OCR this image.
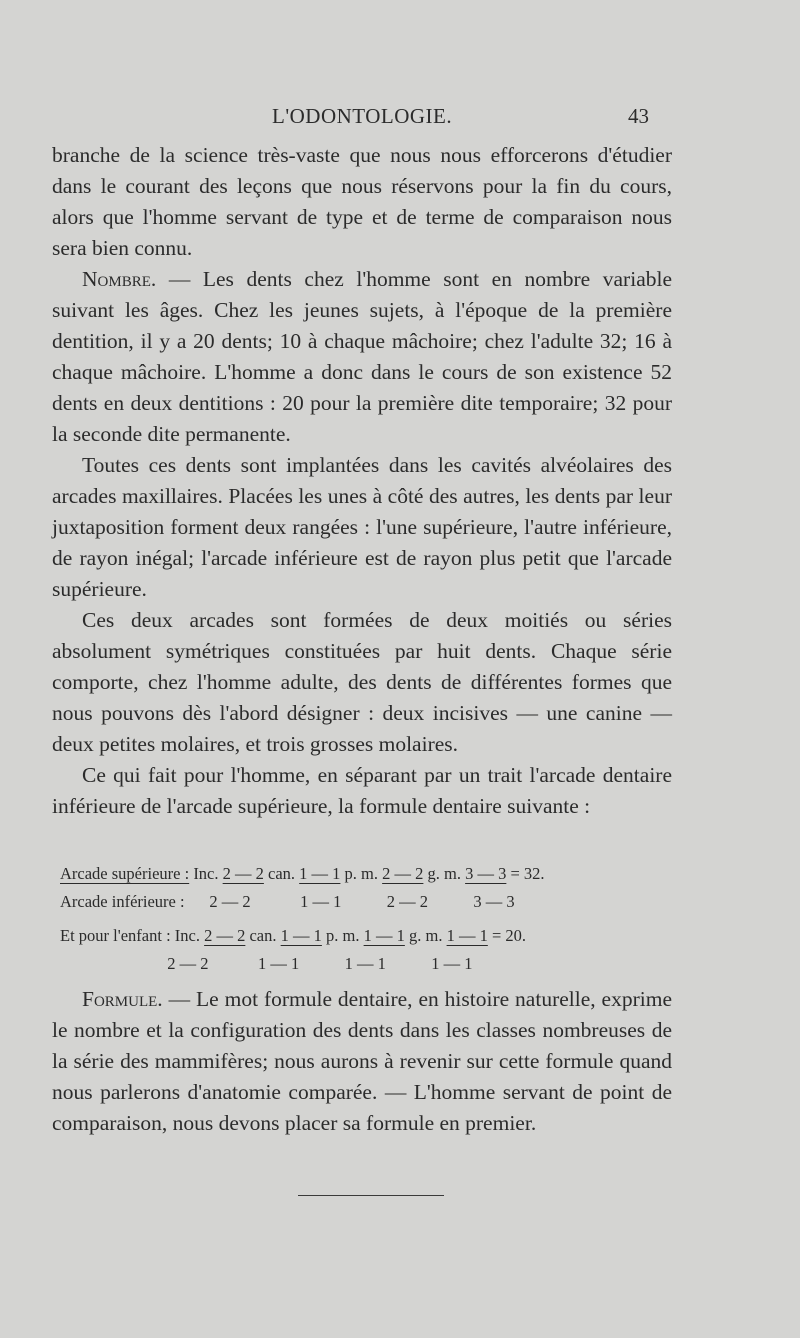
L'ODONTOLOGIE.	43

branche de la science très-vaste que nous nous efforcerons d'étudier dans le courant des leçons que nous réservons pour la fin du cours, alors que l'homme servant de type et de terme de comparaison nous sera bien connu.

Nombre. — Les dents chez l'homme sont en nombre variable suivant les âges. Chez les jeunes sujets, à l'époque de la première dentition, il y a 20 dents; 10 à chaque mâchoire; chez l'adulte 32; 16 à chaque mâchoire. L'homme a donc dans le cours de son existence 52 dents en deux dentitions : 20 pour la première dite temporaire; 32 pour la seconde dite permanente.

Toutes ces dents sont implantées dans les cavités alvéolaires des arcades maxillaires. Placées les unes à côté des autres, les dents par leur juxtaposition forment deux rangées : l'une supérieure, l'autre inférieure, de rayon inégal; l'arcade inférieure est de rayon plus petit que l'arcade supérieure.

Ces deux arcades sont formées de deux moitiés ou séries absolument symétriques constituées par huit dents. Chaque série comporte, chez l'homme adulte, des dents de différentes formes que nous pouvons dès l'abord désigner : deux incisives — une canine — deux petites molaires, et trois grosses molaires.

Ce qui fait pour l'homme, en séparant par un trait l'arcade dentaire inférieure de l'arcade supérieure, la formule dentaire suivante :

Arcade supérieure : Inc. 2 — 2 can. 1 — 1 p. m. 2 — 2 g. m. 3 — 3 = 32.
Arcade inférieure : 2 — 2	1 — 1	2 — 2	3 — 3
Et pour l'enfant : Inc. 2 — 2 can. 1 — 1 p. m. 1 — 1 g. m. 1 — 1 = 20.
2 — 2	1 — 1	1 — 1	1 — 1

Formule. — Le mot formule dentaire, en histoire naturelle, exprime le nombre et la configuration des dents dans les classes nombreuses de la série des mammifères; nous aurons à revenir sur cette formule quand nous parlerons d'anatomie comparée. — L'homme servant de point de comparaison, nous devons placer sa formule en premier.
